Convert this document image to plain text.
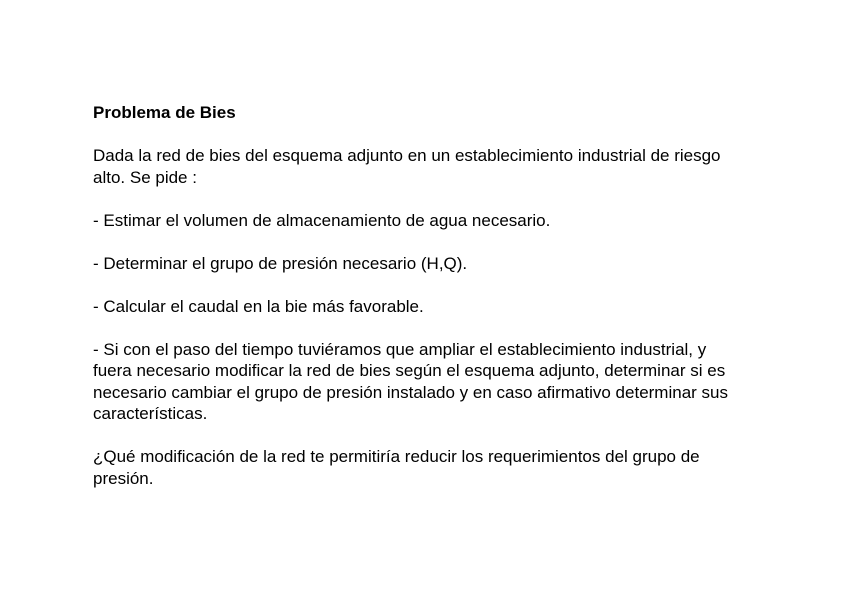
Problema de Bies

Dada la red de bies del esquema adjunto en un establecimiento industrial de riesgo alto. Se pide :

- Estimar el volumen de almacenamiento de agua necesario.

- Determinar el grupo de presión necesario (H,Q).

- Calcular el caudal en la bie más favorable.

- Si con el paso del tiempo tuviéramos que ampliar el establecimiento industrial, y fuera necesario modificar la red de bies según el esquema adjunto, determinar si es necesario cambiar el grupo de presión instalado y en caso afirmativo determinar sus características.

¿Qué modificación de la red te permitiría reducir los requerimientos del grupo de presión.
